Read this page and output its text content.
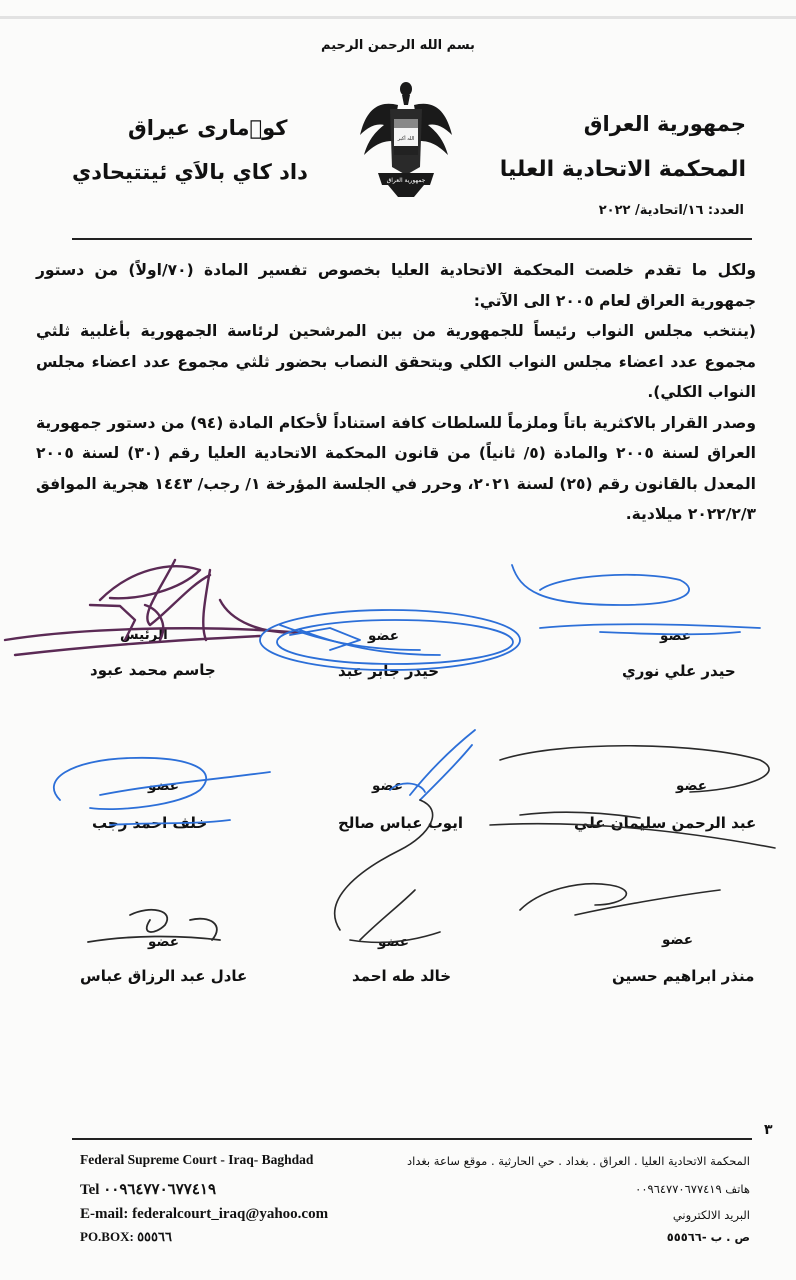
بسم الله الرحمن الرحيم
جمهورية العراق
المحكمة الاتحادية العليا
كو٘مارى عيراق
داد كاي بالاَي ئيتتيحادي
الله أكبر
جمهورية العراق
العدد: ١٦/اتحادية/ ٢٠٢٢

ولكل ما تقدم خلصت المحكمة الاتحادية العليا بخصوص تفسير المادة (٧٠/اولاً) من دستور جمهورية العراق لعام ٢٠٠٥ الى الآتي:

(ينتخب مجلس النواب رئيساً للجمهورية من بين المرشحين لرئاسة الجمهورية بأغلبية ثلثي مجموع عدد اعضاء مجلس النواب الكلي ويتحقق النصاب بحضور ثلثي مجموع عدد اعضاء مجلس النواب الكلي).

وصدر القرار بالاكثرية باتاً وملزماً للسلطات كافة استناداً لأحكام المادة (٩٤) من دستور جمهورية العراق لسنة ٢٠٠٥ والمادة (٥/ ثانياً) من قانون المحكمة الاتحادية العليا رقم (٣٠) لسنة ٢٠٠٥ المعدل بالقانون رقم (٢٥) لسنة ٢٠٢١، وحرر في الجلسة المؤرخة ١/ رجب/ ١٤٤٣ هجرية الموافق ٢٠٢٢/٢/٣ ميلادية.

الرئيس
جاسم محمد عبود
عضو
حيدر جابر عبد
عضو
حيدر علي نوري
عضو
خلف احمد رجب
عضو
ايوب عباس صالح
عضو
عبد الرحمن سليمان علي
عضو
عادل عبد الرزاق عباس
عضو
خالد طه احمد
عضو
منذر ابراهيم حسين
٣
Federal Supreme Court - Iraq- Baghdad
Tel ٠٠٩٦٤٧٧٠٦٧٧٤١٩
E-mail: federalcourt_iraq@yahoo.com
PO.BOX: ٥٥٥٦٦
المحكمة الاتحادية العليا . العراق . بغداد . حي الحارثية . موقع ساعة بغداد
هاتف ٠٠٩٦٤٧٧٠٦٧٧٤١٩
البريد الالكتروني
ص . ب -٥٥٥٦٦
